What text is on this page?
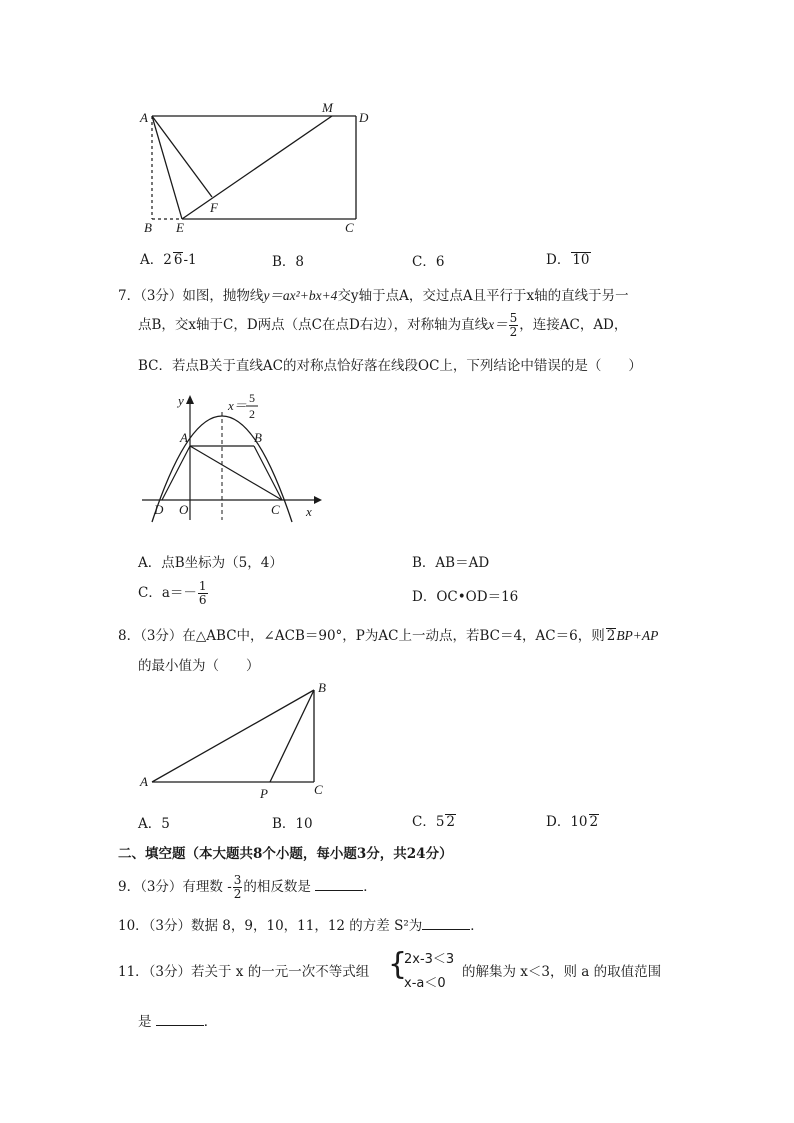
A
M
D
F
B E	C
A．2 6-1	B．8	C．6	D． 10
7．（3分）如图，抛物线y＝ax²+bx+4交y轴于点A，交过点A且平行于x轴的直线于另一
点B，交x轴于C，D两点（点C在点D右边），对称轴为直线$x= \frac{5}{2}$ ，连接AC，AD，
BC．若点B关于直线AC的对称点恰好落在线段OC上，下列结论中错误的是（　　）
y	x＝ 5
2
A	B
D O	C x
A．点B坐标为（5，4）	B．AB＝AD
C．$a=- \frac{1}{6}$	D．OC•OD＝16
8．（3分）在△ABC中，∠ACB＝90°，P为AC上一动点，若BC＝4，AC＝6，则 2BP+AP
的最小值为（　　）
A
B
P	C
A．5	B．10	C．5 2	D．10 2
二、填空题（本大题共8个小题，每小题3分，共24分）
9．（3分）有理数 - $\frac{3}{2}$ 的相反数是	．
10．（3分）数据 8，9，10，11，12 的方差 S²为	．
11．（3分）若关于 x 的一元一次不等式组 {
2x-3＜3
x-a＜0
的解集为 x＜3，则 a 的取值范围
是	．
